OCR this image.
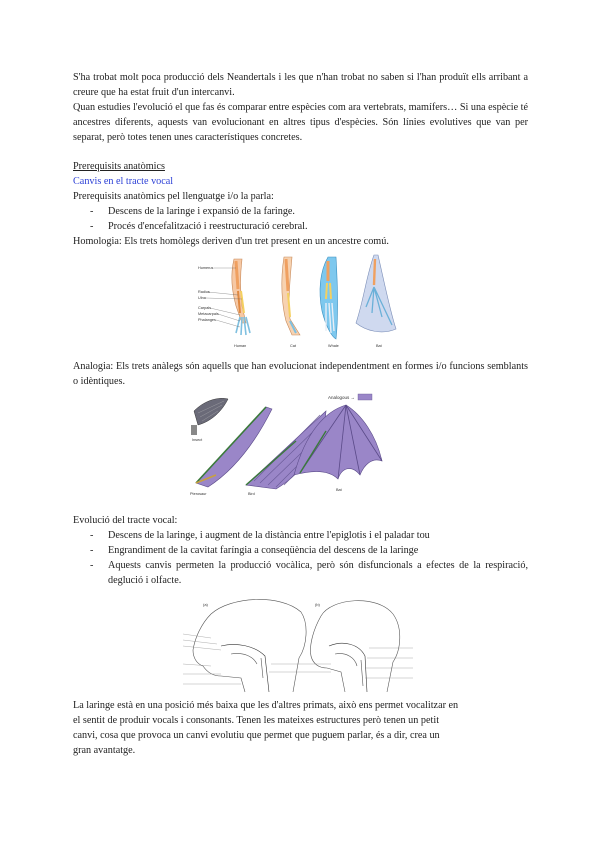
S'ha trobat molt poca producció dels Neandertals i les que n'han trobat no saben si l'han produït ells arribant a creure que ha estat fruit d'un intercanvi.

Quan estudies l'evolució el que fas és comparar entre espècies com ara vertebrats, mamífers… Si una espècie té ancestres diferents, aquests van evolucionant en altres tipus d'espècies. Són línies evolutives que van per separat, però totes tenen unes característiques concretes.

Prerequisits anatòmics

Canvis en el tracte vocal

Prerequisits anatòmics pel llenguatge i/o la parla:

- Descens de la laringe i expansió de la faringe.
- Procés d'encefalització i reestructuració cerebral.

Homologia: Els trets homòlegs deriven d'un tret present en un ancestre comú.

Humerus
Radius
Ulna
Carpals
Metacarpals
Phalanges
Human	Cat	Whale	Bat

Analogia: Els trets anàlegs són aquells que han evolucionat independentment en formes i/o funcions semblants o idèntiques.

Analogous →
Insect
Pterosaur	Bird
Bat

Evolució del tracte vocal:

- Descens de la laringe, i augment de la distància entre l'epiglotis i el paladar tou
- Engrandiment de la cavitat faríngia a conseqüència del descens de la laringe
- Aquests canvis permeten la producció vocàlica, però són disfuncionals a efectes de la respiració, deglució i olfacte.
(a)	(b)

La laringe està en una posició més baixa que les d'altres primats, això ens permet vocalitzar en

el sentit de produir vocals i consonants. Tenen les mateixes estructures però tenen un petit

canvi, cosa que provoca un canvi evolutiu que permet que puguem parlar, és a dir, crea un

gran avantatge.
